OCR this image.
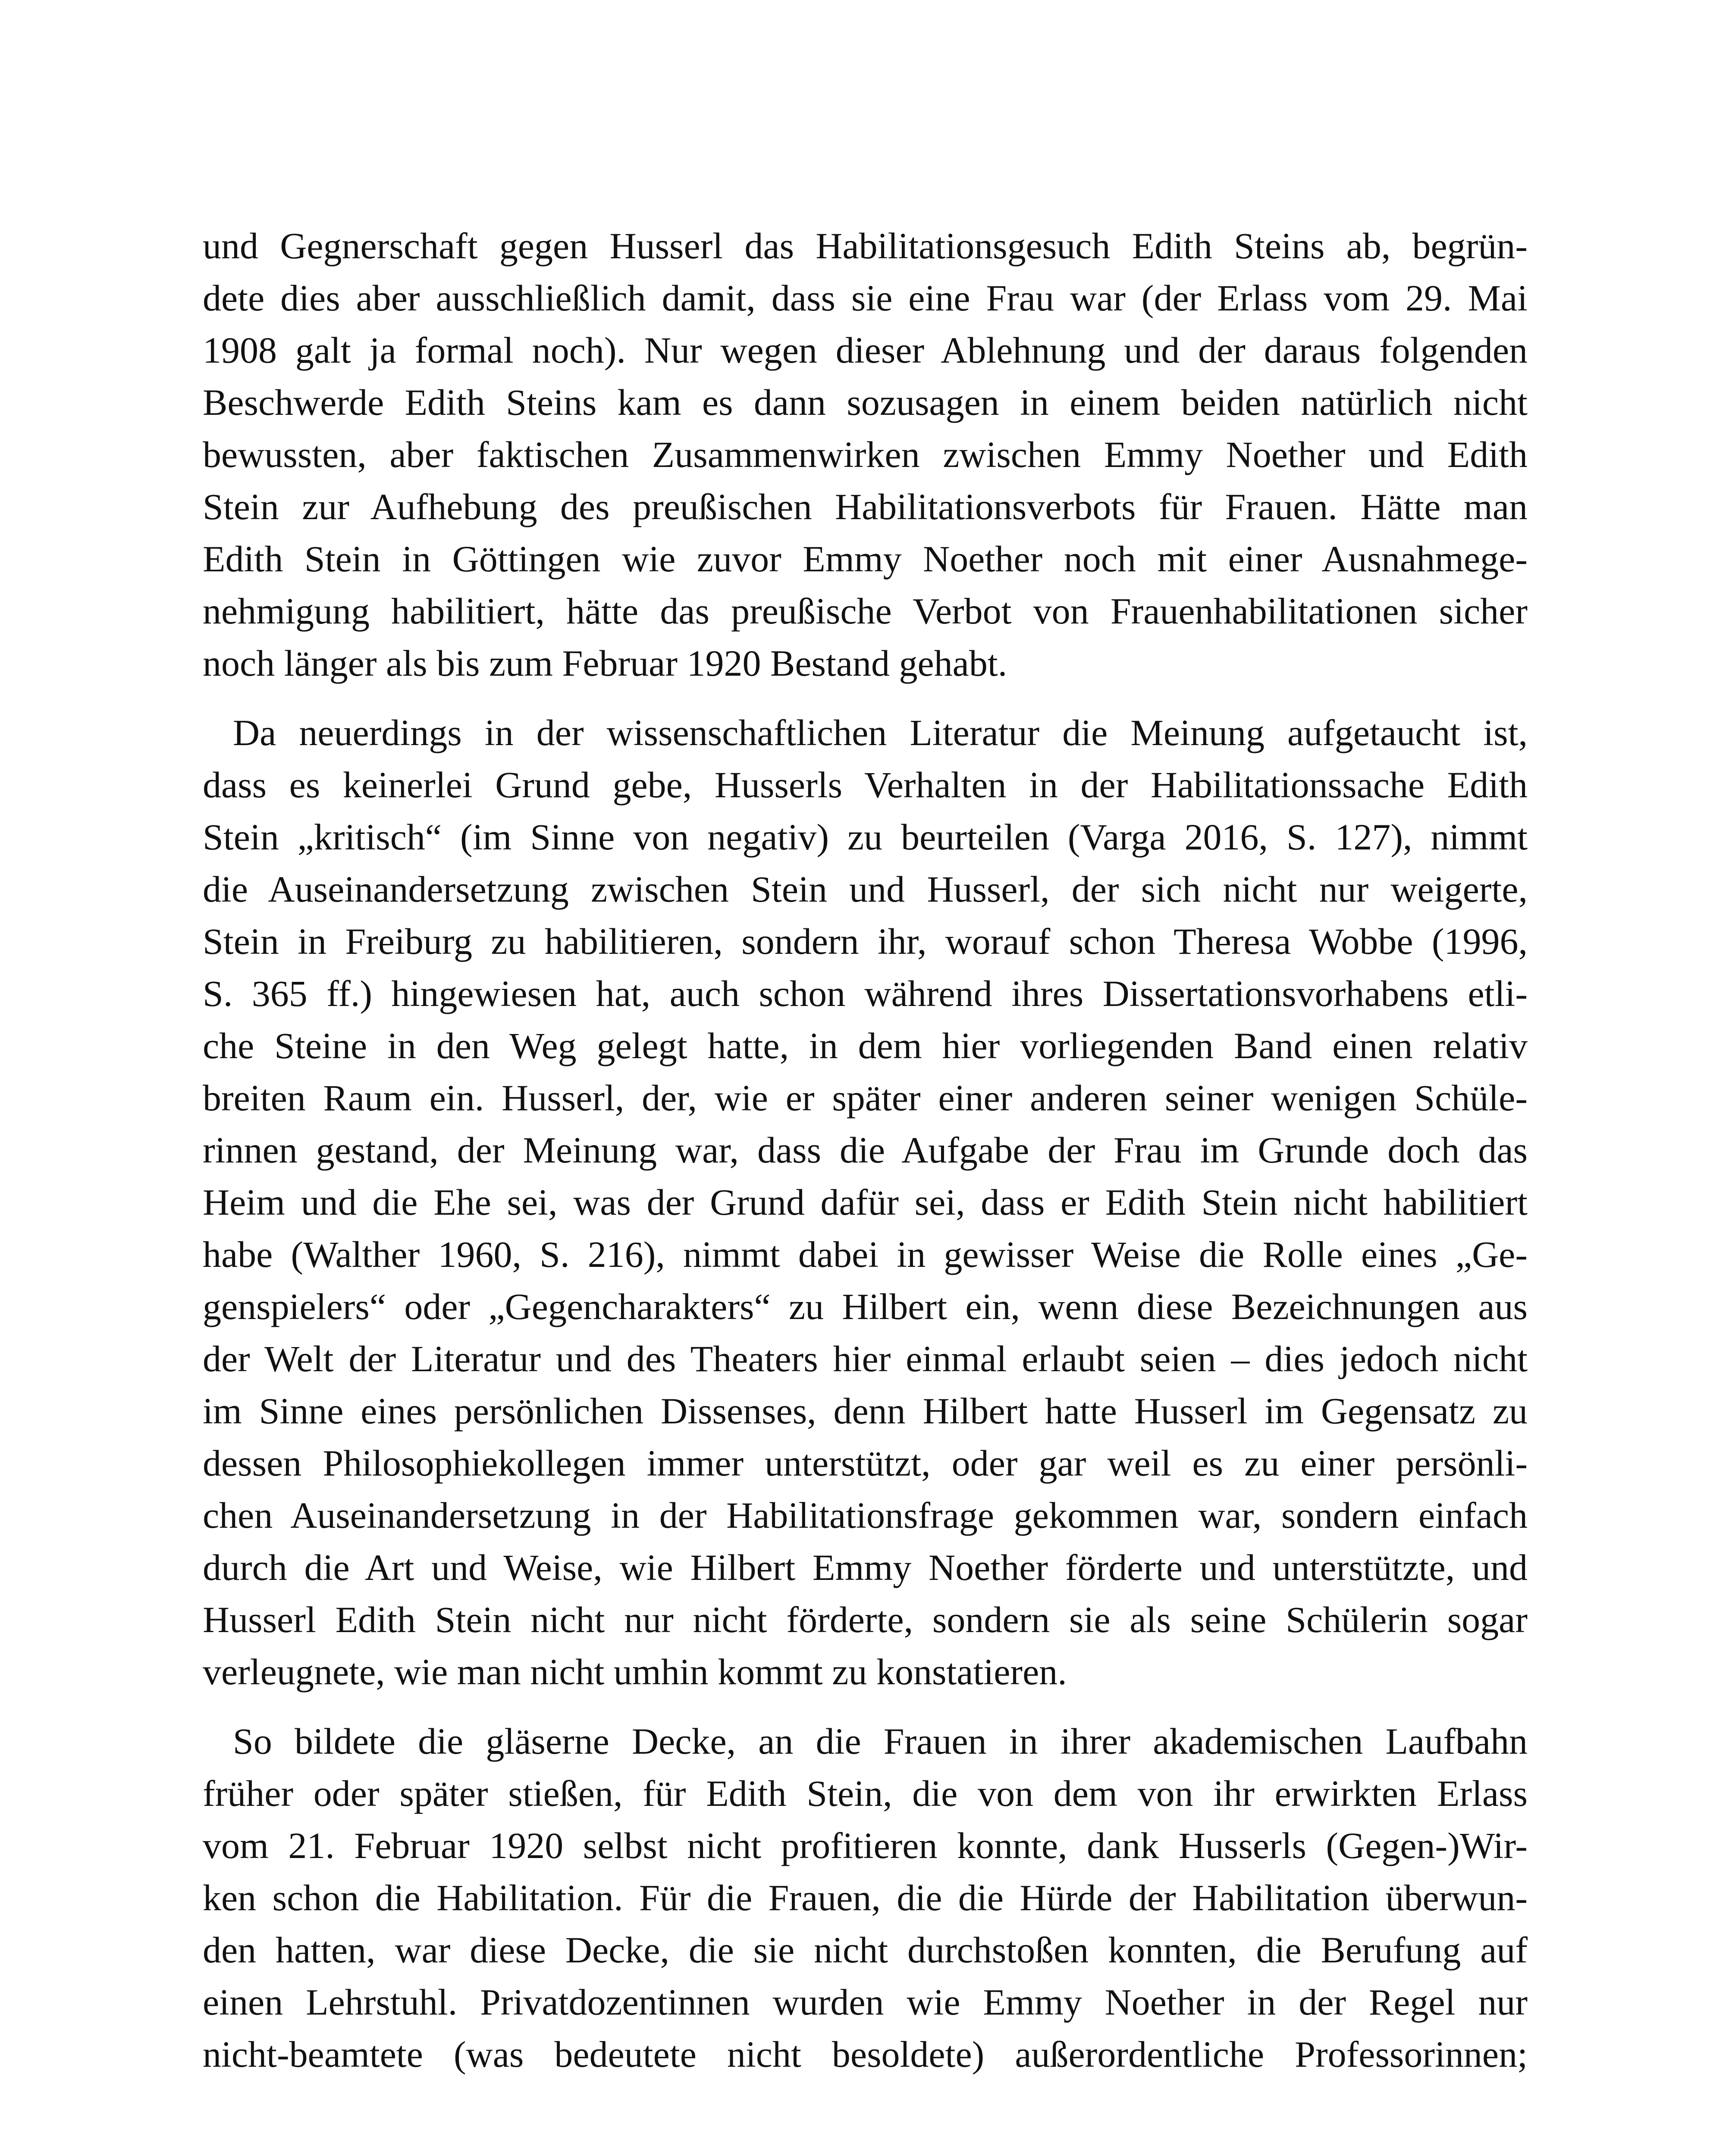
und Gegnerschaft gegen Husserl das Habilitationsgesuch Edith Steins ab, begrün-
dete dies aber ausschließlich damit, dass sie eine Frau war (der Erlass vom 29. Mai
1908 galt ja formal noch). Nur wegen dieser Ablehnung und der daraus folgenden
Beschwerde Edith Steins kam es dann sozusagen in einem beiden natürlich nicht
bewussten, aber faktischen Zusammenwirken zwischen Emmy Noether und Edith
Stein zur Aufhebung des preußischen Habilitationsverbots für Frauen. Hätte man
Edith Stein in Göttingen wie zuvor Emmy Noether noch mit einer Ausnahmege-
nehmigung habilitiert, hätte das preußische Verbot von Frauenhabilitationen sicher
noch länger als bis zum Februar 1920 Bestand gehabt.
Da neuerdings in der wissenschaftlichen Literatur die Meinung aufgetaucht ist,
dass es keinerlei Grund gebe, Husserls Verhalten in der Habilitationssache Edith
Stein „kritisch“ (im Sinne von negativ) zu beurteilen (Varga 2016, S. 127), nimmt
die Auseinandersetzung zwischen Stein und Husserl, der sich nicht nur weigerte,
Stein in Freiburg zu habilitieren, sondern ihr, worauf schon Theresa Wobbe (1996,
S. 365 ff.) hingewiesen hat, auch schon während ihres Dissertationsvorhabens etli-
che Steine in den Weg gelegt hatte, in dem hier vorliegenden Band einen relativ
breiten Raum ein. Husserl, der, wie er später einer anderen seiner wenigen Schüle-
rinnen gestand, der Meinung war, dass die Aufgabe der Frau im Grunde doch das
Heim und die Ehe sei, was der Grund dafür sei, dass er Edith Stein nicht habilitiert
habe (Walther 1960, S. 216), nimmt dabei in gewisser Weise die Rolle eines „Ge-
genspielers“ oder „Gegencharakters“ zu Hilbert ein, wenn diese Bezeichnungen aus
der Welt der Literatur und des Theaters hier einmal erlaubt seien – dies jedoch nicht
im Sinne eines persönlichen Dissenses, denn Hilbert hatte Husserl im Gegensatz zu
dessen Philosophiekollegen immer unterstützt, oder gar weil es zu einer persönli-
chen Auseinandersetzung in der Habilitationsfrage gekommen war, sondern einfach
durch die Art und Weise, wie Hilbert Emmy Noether förderte und unterstützte, und
Husserl Edith Stein nicht nur nicht förderte, sondern sie als seine Schülerin sogar
verleugnete, wie man nicht umhin kommt zu konstatieren.
So bildete die gläserne Decke, an die Frauen in ihrer akademischen Laufbahn
früher oder später stießen, für Edith Stein, die von dem von ihr erwirkten Erlass
vom 21. Februar 1920 selbst nicht profitieren konnte, dank Husserls (Gegen-)Wir-
ken schon die Habilitation. Für die Frauen, die die Hürde der Habilitation überwun-
den hatten, war diese Decke, die sie nicht durchstoßen konnten, die Berufung auf
einen Lehrstuhl. Privatdozentinnen wurden wie Emmy Noether in der Regel nur
nicht-beamtete (was bedeutete nicht besoldete) außerordentliche Professorinnen;
